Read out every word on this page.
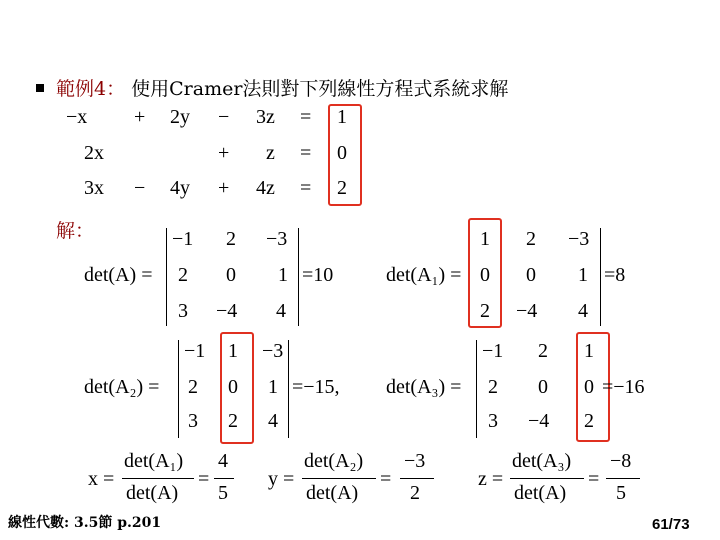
範例4： 使用Cramer法則對下列線性方程式系統求解
−x + 2y − 3z = 1
2x	+ z = 0
3x − 4y + 4z = 2
解：
det(A) =
−1 2 −3
2 0 1
3 −4 4
=10	det(A₁) =
1 2 −3
0 0 1
2 −4 4
=8
det(A₂) =
−1 1 −3
2 0 1
3 2 4
=−15, det(A₃) =
−1 2 1
2 0 0
3 −4 2
=−16
x =
det(A₁)
det(A)
=
4
5
y =
det(A₂)
det(A)
=
−3
2
z =
det(A₃)
det(A)
=
−8
5
線性代數: 3.5節 p.201	61/73
